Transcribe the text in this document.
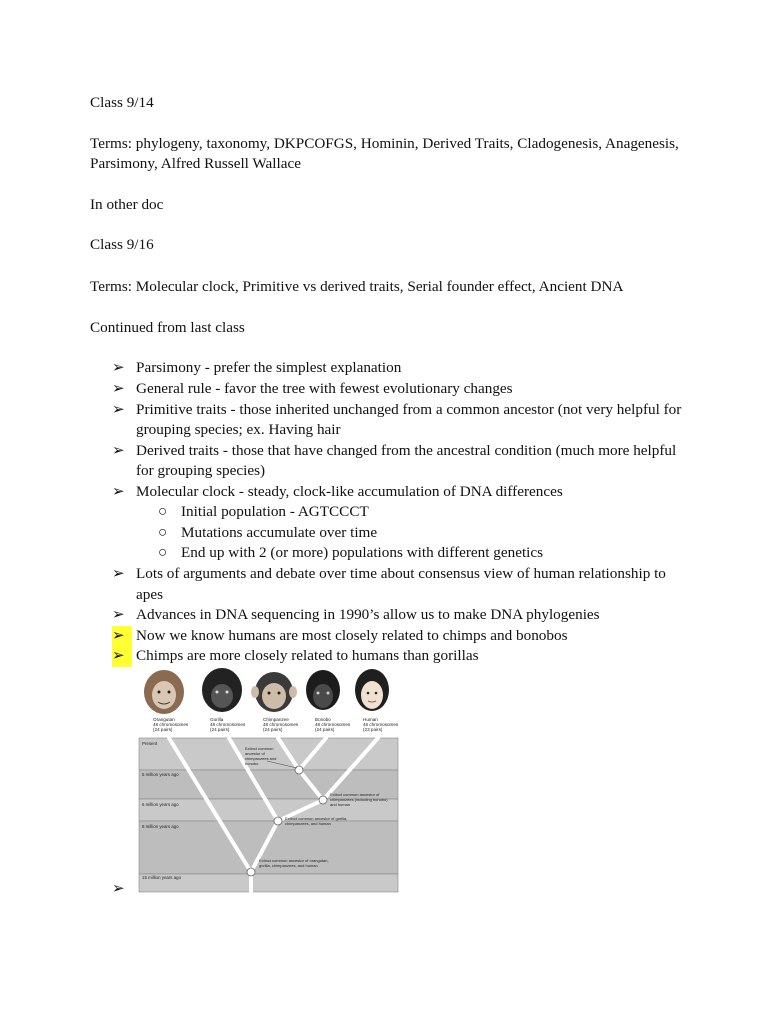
Class 9/14
Terms: phylogeny, taxonomy, DKPCOFGS, Hominin, Derived Traits, Cladogenesis, Anagenesis,
Parsimony, Alfred Russell Wallace
In other doc
Class 9/16
Terms: Molecular clock, Primitive vs derived traits, Serial founder effect, Ancient DNA
Continued from last class
➢ Parsimony - prefer the simplest explanation
➢ General rule - favor the tree with fewest evolutionary changes
➢ Primitive traits - those inherited unchanged from a common ancestor (not very helpful for
grouping species; ex. Having hair
➢ Derived traits - those that have changed from the ancestral condition (much more helpful
for grouping species)
➢ Molecular clock - steady, clock-like accumulation of DNA differences
○ Initial population - AGTCCCT
○ Mutations accumulate over time
○ End up with 2 (or more) populations with different genetics
➢ Lots of arguments and debate over time about consensus view of human relationship to
apes
➢ Advances in DNA sequencing in 1990’s allow us to make DNA phylogenies
➢ Now we know humans are most closely related to chimps and bonobos
➢ Chimps are more closely related to humans than gorillas
Orangutan
48 chromosomes
(24 pairs)
Gorilla
48 chromosomes
(24 pairs)
Chimpanzee
48 chromosomes
(24 pairs)
Bonobo
48 chromosomes
(24 pairs)
Human
46 chromosomes
(23 pairs)
Present
5 million years ago
6 million years ago
8 million years ago
15 million years ago
Extinct common ancestor of chimpanzees and bonobo
Extinct common ancestor of chimpanzees (including bonobo) and human
Extinct common ancestor of gorilla, chimpanzees, and human
Extinct common ancestor of orangutan, gorilla, chimpanzees, and human
➢
